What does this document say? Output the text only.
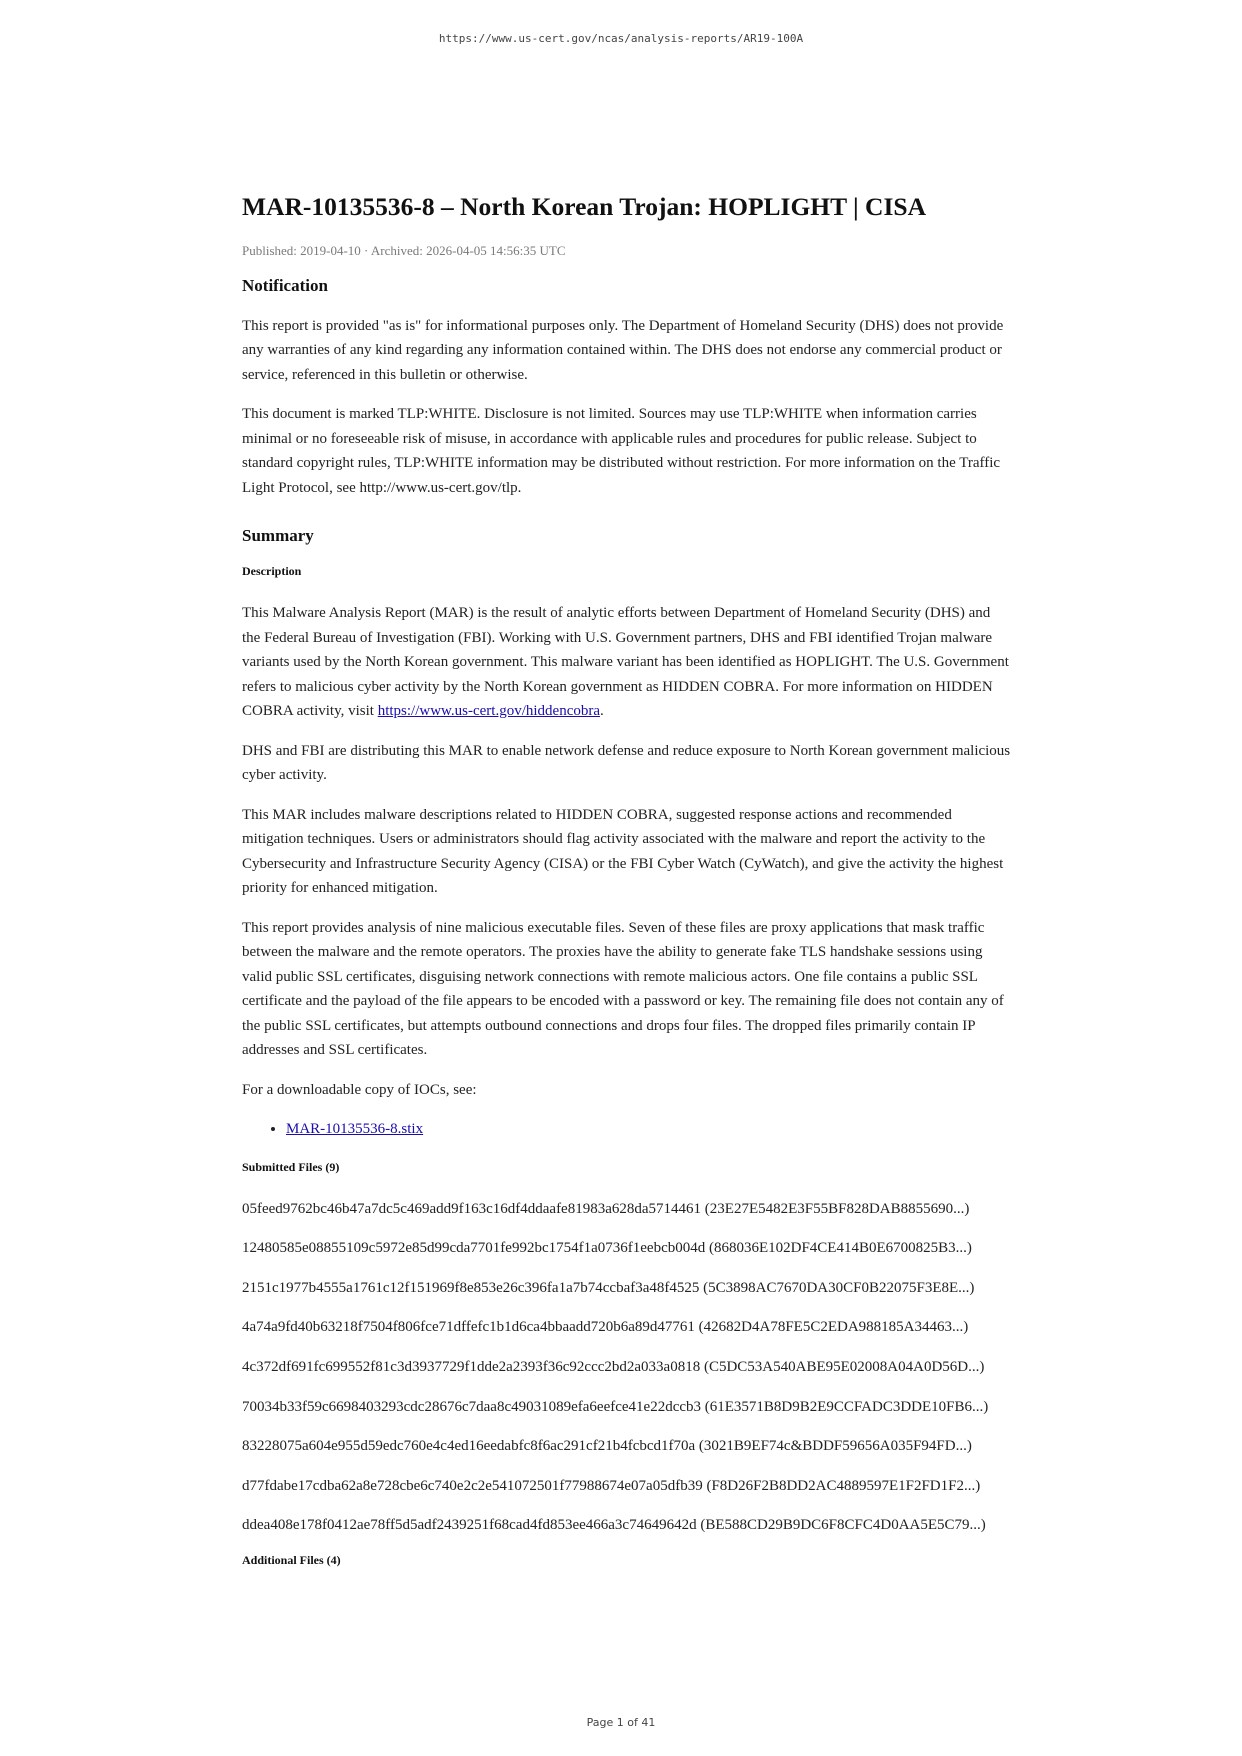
https://www.us-cert.gov/ncas/analysis-reports/AR19-100A
MAR-10135536-8 – North Korean Trojan: HOPLIGHT | CISA
Published: 2019-04-10 · Archived: 2026-04-05 14:56:35 UTC
Notification

This report is provided "as is" for informational purposes only. The Department of Homeland Security (DHS) does not provide any warranties of any kind regarding any information contained within. The DHS does not endorse any commercial product or service, referenced in this bulletin or otherwise.

This document is marked TLP:WHITE. Disclosure is not limited. Sources may use TLP:WHITE when information carries minimal or no foreseeable risk of misuse, in accordance with applicable rules and procedures for public release. Subject to standard copyright rules, TLP:WHITE information may be distributed without restriction. For more information on the Traffic Light Protocol, see http://www.us-cert.gov/tlp.

Summary
Description

This Malware Analysis Report (MAR) is the result of analytic efforts between Department of Homeland Security (DHS) and the Federal Bureau of Investigation (FBI). Working with U.S. Government partners, DHS and FBI identified Trojan malware variants used by the North Korean government. This malware variant has been identified as HOPLIGHT. The U.S. Government refers to malicious cyber activity by the North Korean government as HIDDEN COBRA. For more information on HIDDEN COBRA activity, visit https://www.us-cert.gov/hiddencobra.

DHS and FBI are distributing this MAR to enable network defense and reduce exposure to North Korean government malicious cyber activity.

This MAR includes malware descriptions related to HIDDEN COBRA, suggested response actions and recommended mitigation techniques. Users or administrators should flag activity associated with the malware and report the activity to the Cybersecurity and Infrastructure Security Agency (CISA) or the FBI Cyber Watch (CyWatch), and give the activity the highest priority for enhanced mitigation.

This report provides analysis of nine malicious executable files. Seven of these files are proxy applications that mask traffic between the malware and the remote operators. The proxies have the ability to generate fake TLS handshake sessions using valid public SSL certificates, disguising network connections with remote malicious actors. One file contains a public SSL certificate and the payload of the file appears to be encoded with a password or key. The remaining file does not contain any of the public SSL certificates, but attempts outbound connections and drops four files. The dropped files primarily contain IP addresses and SSL certificates.

For a downloadable copy of IOCs, see:

• MAR-10135536-8.stix
Submitted Files (9)
05feed9762bc46b47a7dc5c469add9f163c16df4ddaafe81983a628da5714461 (23E27E5482E3F55BF828DAB8855690...)
12480585e08855109c5972e85d99cda7701fe992bc1754f1a0736f1eebcb004d (868036E102DF4CE414B0E6700825B3...)
2151c1977b4555a1761c12f151969f8e853e26c396fa1a7b74ccbaf3a48f4525 (5C3898AC7670DA30CF0B22075F3E8E...)
4a74a9fd40b63218f7504f806fce71dffefc1b1d6ca4bbaadd720b6a89d47761 (42682D4A78FE5C2EDA988185A34463...)
4c372df691fc699552f81c3d3937729f1dde2a2393f36c92ccc2bd2a033a0818 (C5DC53A540ABE95E02008A04A0D56D...)
70034b33f59c6698403293cdc28676c7daa8c49031089efa6eefce41e22dccb3 (61E3571B8D9B2E9CCFADC3DDE10FB6...)
83228075a604e955d59edc760e4c4ed16eedabfc8f6ac291cf21b4fcbcd1f70a (3021B9EF74c&BDDF59656A035F94FD...)
d77fdabe17cdba62a8e728cbe6c740e2c2e541072501f77988674e07a05dfb39 (F8D26F2B8DD2AC4889597E1F2FD1F2...)
ddea408e178f0412ae78ff5d5adf2439251f68cad4fd853ee466a3c74649642d (BE588CD29B9DC6F8CFC4D0AA5E5C79...)
Additional Files (4)
Page 1 of 41
